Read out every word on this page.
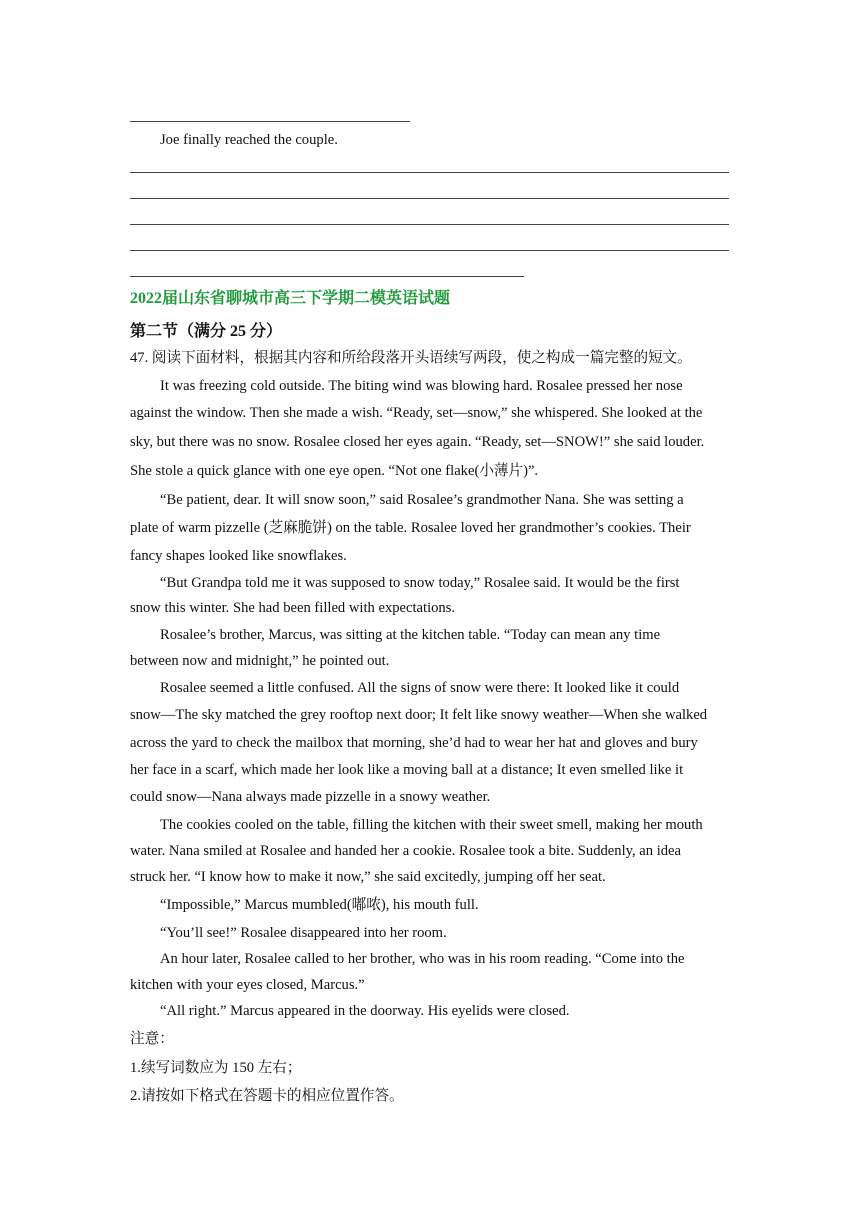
Joe finally reached the couple.
2022届山东省聊城市高三下学期二模英语试题
第二节（满分 25 分）
47. 阅读下面材料，根据其内容和所给段落开头语续写两段，使之构成一篇完整的短文。
It was freezing cold outside. The biting wind was blowing hard. Rosalee pressed her nose
against the window. Then she made a wish. “Ready, set—snow,” she whispered. She looked at the
sky, but there was no snow. Rosalee closed her eyes again. “Ready, set—SNOW!” she said louder.
She stole a quick glance with one eye open. “Not one flake(小薄片)”.
“Be patient, dear. It will snow soon,” said Rosalee’s grandmother Nana. She was setting a
plate of warm pizzelle (芝麻脆饼) on the table. Rosalee loved her grandmother’s cookies. Their
fancy shapes looked like snowflakes.
“But Grandpa told me it was supposed to snow today,” Rosalee said. It would be the first
snow this winter. She had been filled with expectations.
Rosalee’s brother, Marcus, was sitting at the kitchen table. “Today can mean any time
between now and midnight,” he pointed out.
Rosalee seemed a little confused. All the signs of snow were there: It looked like it could
snow—The sky matched the grey rooftop next door; It felt like snowy weather—When she walked
across the yard to check the mailbox that morning, she’d had to wear her hat and gloves and bury
her face in a scarf, which made her look like a moving ball at a distance; It even smelled like it
could snow—Nana always made pizzelle in a snowy weather.
The cookies cooled on the table, filling the kitchen with their sweet smell, making her mouth
water. Nana smiled at Rosalee and handed her a cookie. Rosalee took a bite. Suddenly, an idea
struck her. “I know how to make it now,” she said excitedly, jumping off her seat.
“Impossible,” Marcus mumbled(嘟哝), his mouth full.
“You’ll see!” Rosalee disappeared into her room.
An hour later, Rosalee called to her brother, who was in his room reading. “Come into the
kitchen with your eyes closed, Marcus.”
“All right.” Marcus appeared in the doorway. His eyelids were closed.
注意：
1.续写词数应为 150 左右；
2.请按如下格式在答题卡的相应位置作答。
